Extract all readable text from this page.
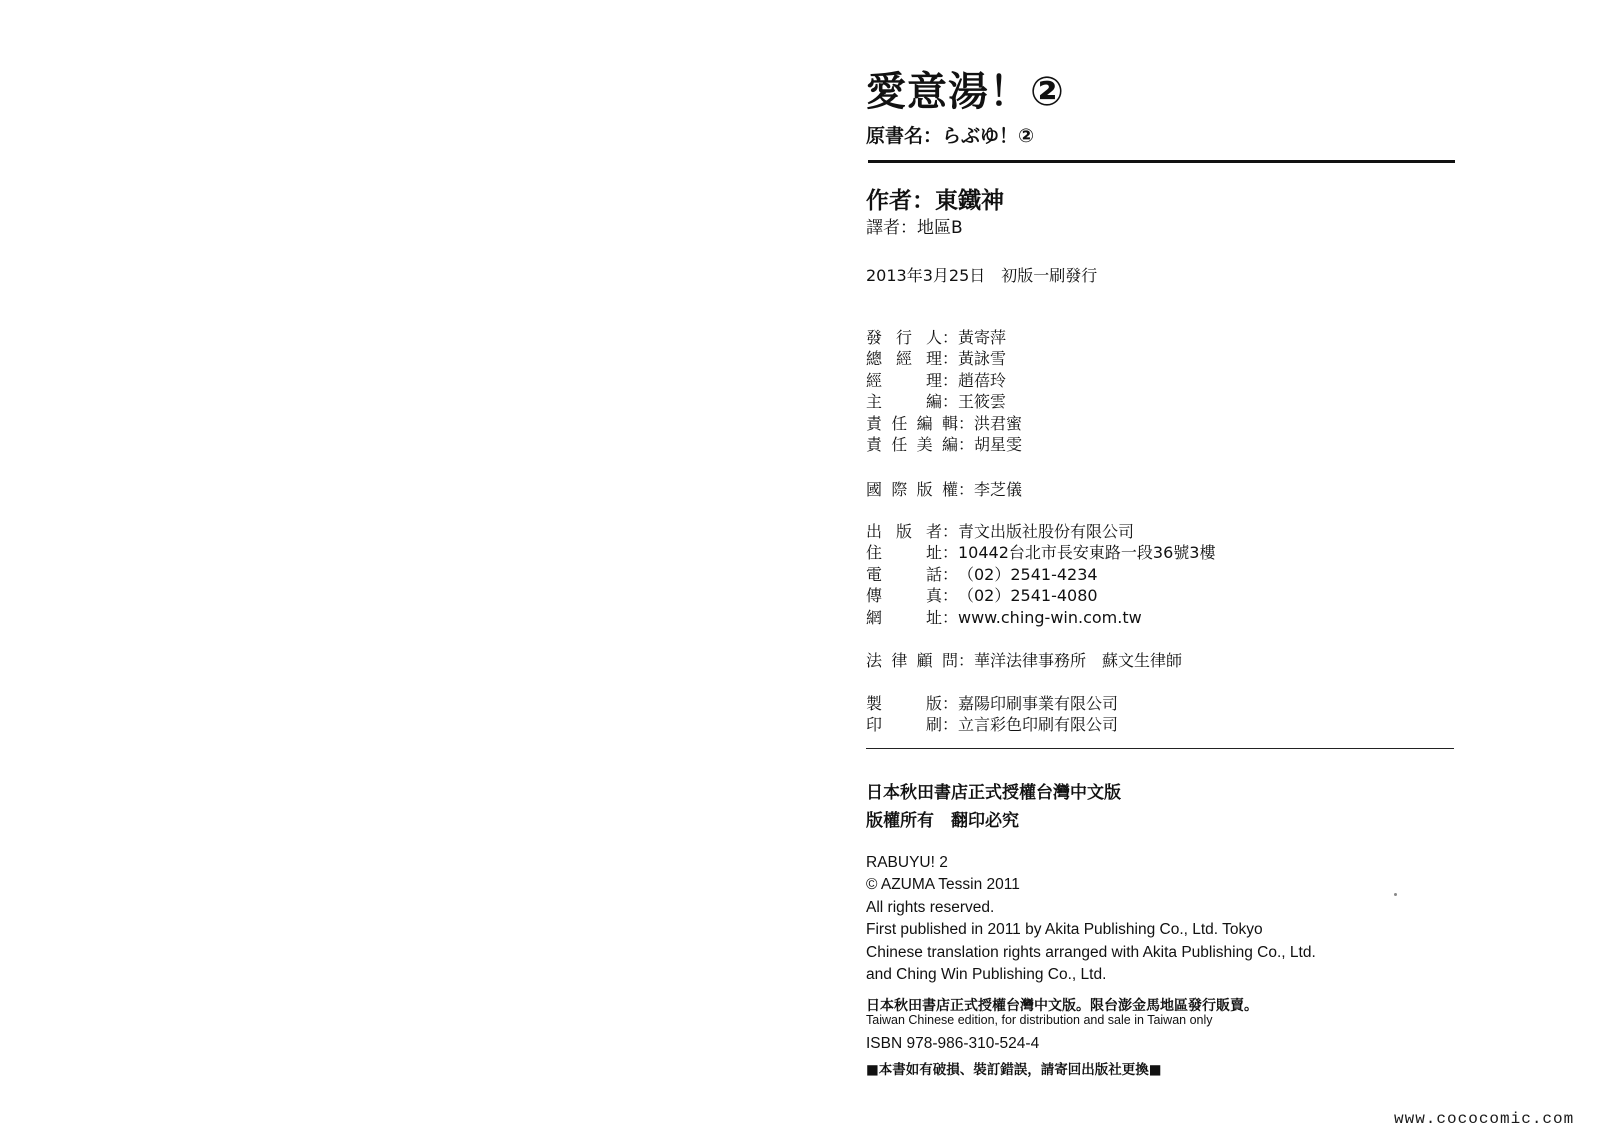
愛意湯！②
原書名：らぶゆ！②
作者：東鐵神
譯者：地區B
2013年3月25日　初版一刷發行
發行人 ： 黃寄萍
總經理 ： 黃詠雪
經　理 ： 趙蓓玲
主　編 ： 王筱雲
責任編輯 ： 洪君蜜
責任美編 ： 胡星雯
國際版權 ： 李芝儀
出版者 ： 青文出版社股份有限公司
住　址 ： 10442台北市長安東路一段36號3樓
電　話 ： （02）2541-4234
傳　真 ： （02）2541-4080
網　址 ： www.ching-win.com.tw
法律顧問 ： 華洋法律事務所　蘇文生律師
製　版 ： 嘉陽印刷事業有限公司
印　刷 ： 立言彩色印刷有限公司
日本秋田書店正式授權台灣中文版
版權所有　翻印必究
RABUYU! 2
© AZUMA Tessin 2011
All rights reserved.
First published in 2011 by Akita Publishing Co., Ltd. Tokyo
Chinese translation rights arranged with Akita Publishing Co., Ltd.
and Ching Win Publishing Co., Ltd.
日本秋田書店正式授權台灣中文版。限台澎金馬地區發行販賣。
Taiwan Chinese edition, for distribution and sale in Taiwan only
ISBN 978-986-310-524-4
■本書如有破損、裝訂錯誤，請寄回出版社更換■
www.cococomic.com
